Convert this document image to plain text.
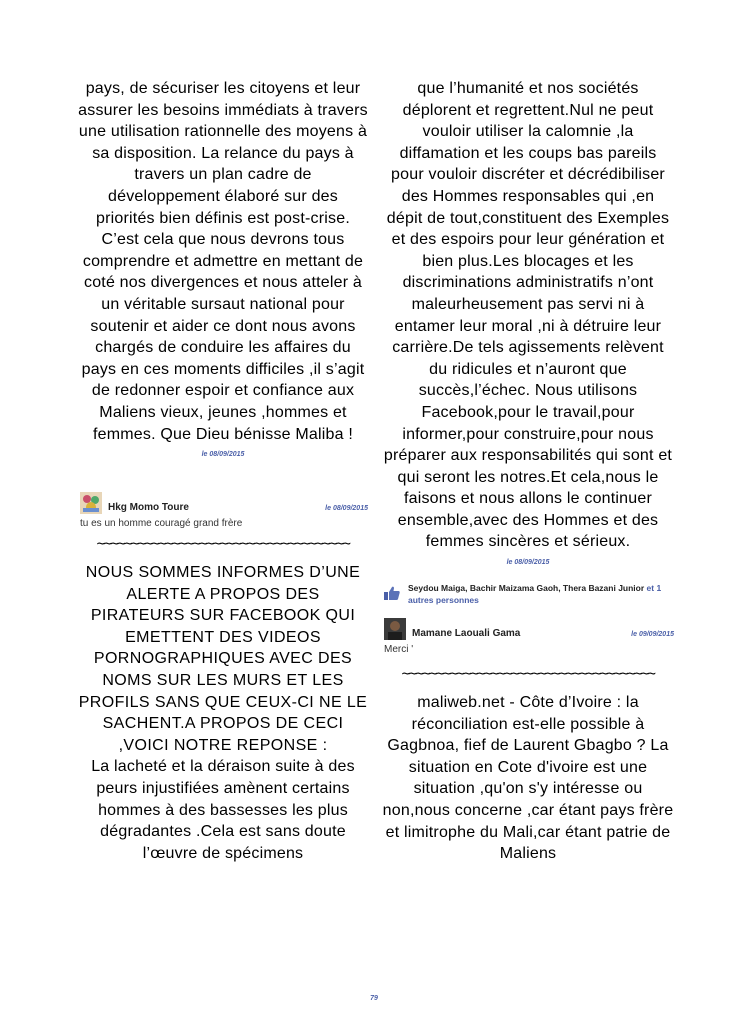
pays, de sécuriser les citoyens et leur assurer les besoins immédiats à travers une utilisation rationnelle des moyens à sa disposition. La relance du pays à travers un plan cadre de développement élaboré sur des priorités bien définis est post-crise. C’est cela que nous devrons tous comprendre et admettre en mettant de coté nos divergences et nous atteler à un véritable sursaut national pour soutenir et aider ce dont nous avons chargés de conduire les affaires du pays en ces moments difficiles ,il s’agit de redonner espoir et confiance aux Maliens vieux, jeunes ,hommes et femmes. Que Dieu bénisse Maliba !

le 08/09/2015
Hkg Momo Toure	le 08/09/2015
tu es un homme couragé grand frère
~~~~~~~~~~~~~~~~~~~~~~~~~~~~~~~~~~~~~

NOUS SOMMES INFORMES D’UNE ALERTE A PROPOS DES PIRATEURS SUR FACEBOOK QUI EMETTENT DES VIDEOS PORNOGRAPHIQUES AVEC DES NOMS SUR LES MURS ET LES PROFILS SANS QUE CEUX-CI NE LE SACHENT.A PROPOS DE CECI ,VOICI NOTRE REPONSE :

La lacheté et la déraison suite à des peurs injustifiées amènent certains hommes à des bassesses les plus dégradantes .Cela est sans doute l’œuvre de spécimens

que l’humanité et nos sociétés déplorent et regrettent.Nul ne peut vouloir utiliser la calomnie ,la diffamation et les coups bas pareils pour vouloir discréter et décrédibiliser des Hommes responsables qui ,en dépit de tout,constituent des Exemples et des espoirs pour leur génération et bien plus.Les blocages et les discriminations administratifs n’ont maleurheusement pas servi ni à entamer leur moral ,ni à détruire leur carrière.De tels agissements relèvent du ridicules et n’auront que succès,l’échec. Nous utilisons Facebook,pour le travail,pour informer,pour construire,pour nous préparer aux responsabilités qui sont et qui seront les notres.Et cela,nous le faisons et nous allons le continuer ensemble,avec des Hommes et des femmes sincères et sérieux.

le 08/09/2015
Seydou Maiga, Bachir Maizama Gaoh, Thera Bazani Junior et 1 autres personnes
Mamane Laouali Gama	le 09/09/2015
Merci '
~~~~~~~~~~~~~~~~~~~~~~~~~~~~~~~~~~~~~

maliweb.net - Côte d’Ivoire : la réconciliation est-elle possible à Gagbnoa, fief de Laurent Gbagbo ? La situation en Cote d'ivoire est une situation ,qu'on s'y intéresse ou non,nous concerne ,car étant pays frère et limitrophe du Mali,car étant patrie de Maliens

79
